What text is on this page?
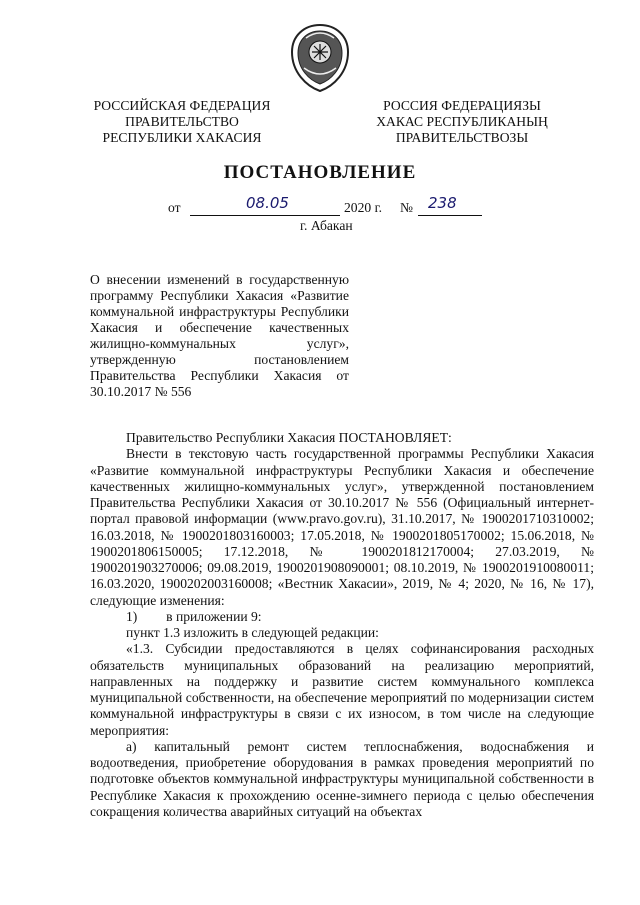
РОССИЙСКАЯ ФЕДЕРАЦИЯ
ПРАВИТЕЛЬСТВО
РЕСПУБЛИКИ ХАКАСИЯ
РОССИЯ ФЕДЕРАЦИЯЗЫ
ХАКАС РЕСПУБЛИКАНЫҢ
ПРАВИТЕЛЬСТВОЗЫ
ПОСТАНОВЛЕНИЕ
от	08.05	2020 г. № 238
г. Абакан
О внесении изменений в государственную программу Республики Хакасия «Развитие коммунальной инфраструктуры Республики Хакасия и обеспечение качественных жилищно-коммунальных услуг», утвержденную постановлением Правительства Республики Хакасия от 30.10.2017 № 556

Правительство Республики Хакасия ПОСТАНОВЛЯЕТ:

Внести в текстовую часть государственной программы Республики Хакасия «Развитие коммунальной инфраструктуры Республики Хакасия и обеспечение качественных жилищно-коммунальных услуг», утвержденной постановлением Правительства Республики Хакасия от 30.10.2017 № 556 (Официальный интернет-портал правовой информации (www.pravo.gov.ru), 31.10.2017, № 1900201710310002; 16.03.2018, № 1900201803160003; 17.05.2018, № 1900201805170002; 15.06.2018, № 1900201806150005; 17.12.2018, № 1900201812170004; 27.03.2019, № 1900201903270006; 09.08.2019, 1900201908090001; 08.10.2019, № 1900201910080011; 16.03.2020, 1900202003160008; «Вестник Хакасии», 2019, № 4; 2020, № 16, № 17), следующие изменения:

1) в приложении 9:

пункт 1.3 изложить в следующей редакции:

«1.3. Субсидии предоставляются в целях софинансирования расходных обязательств муниципальных образований на реализацию мероприятий, направленных на поддержку и развитие систем коммунального комплекса муниципальной собственности, на обеспечение мероприятий по модернизации систем коммунальной инфраструктуры в связи с их износом, в том числе на следующие мероприятия:

а) капитальный ремонт систем теплоснабжения, водоснабжения и водоотведения, приобретение оборудования в рамках проведения мероприятий по подготовке объектов коммунальной инфраструктуры муниципальной собственности в Республике Хакасия к прохождению осенне-зимнего периода с целью обеспечения сокращения количества аварийных ситуаций на объектах
